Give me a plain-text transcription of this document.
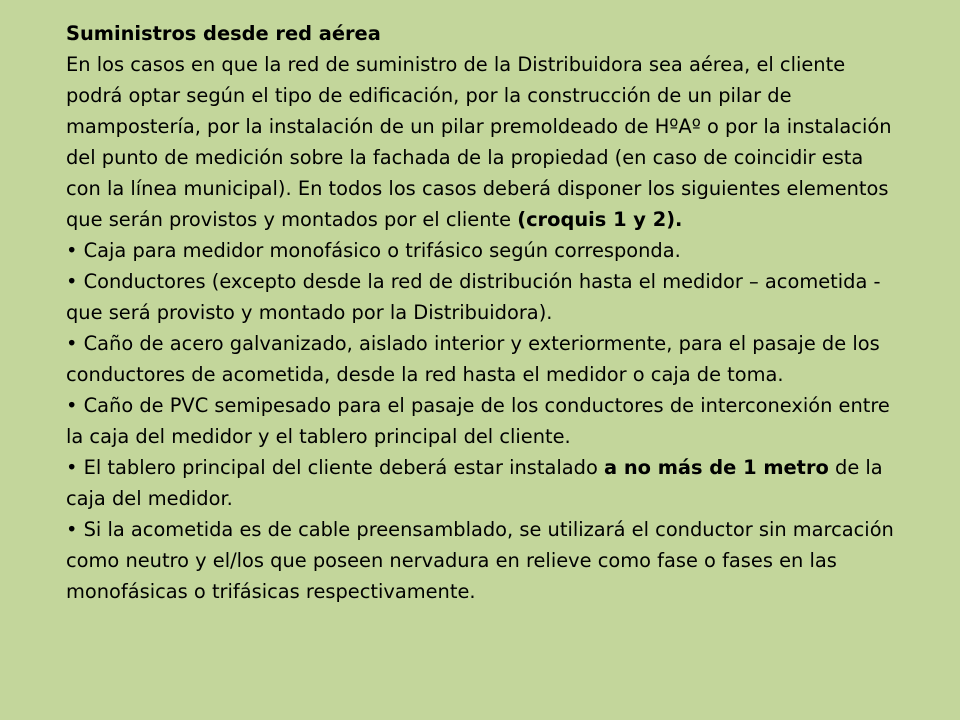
Suministros desde red aérea

En los casos en que la red de suministro de la Distribuidora sea aérea, el cliente podrá optar según el tipo de edificación, por la construcción de un pilar de mampostería, por la instalación de un pilar premoldeado de HºAº o por la instalación del punto de medición sobre la fachada de la propiedad (en caso de coincidir esta con la línea municipal). En todos los casos deberá disponer los siguientes elementos que serán provistos y montados por el cliente (croquis 1 y 2).

• Caja para medidor monofásico o trifásico según corresponda.

• Conductores (excepto desde la red de distribución hasta el medidor – acometida - que será provisto y montado por la Distribuidora).

• Caño de acero galvanizado, aislado interior y exteriormente, para el pasaje de los conductores de acometida, desde la red hasta el medidor o caja de toma.

• Caño de PVC semipesado para el pasaje de los conductores de interconexión entre la caja del medidor y el tablero principal del cliente.

• El tablero principal del cliente deberá estar instalado a no más de 1 metro de la caja del medidor.

• Si la acometida es de cable preensamblado, se utilizará el conductor sin marcación como neutro y el/los que poseen nervadura en relieve como fase o fases en las monofásicas o trifásicas respectivamente.
